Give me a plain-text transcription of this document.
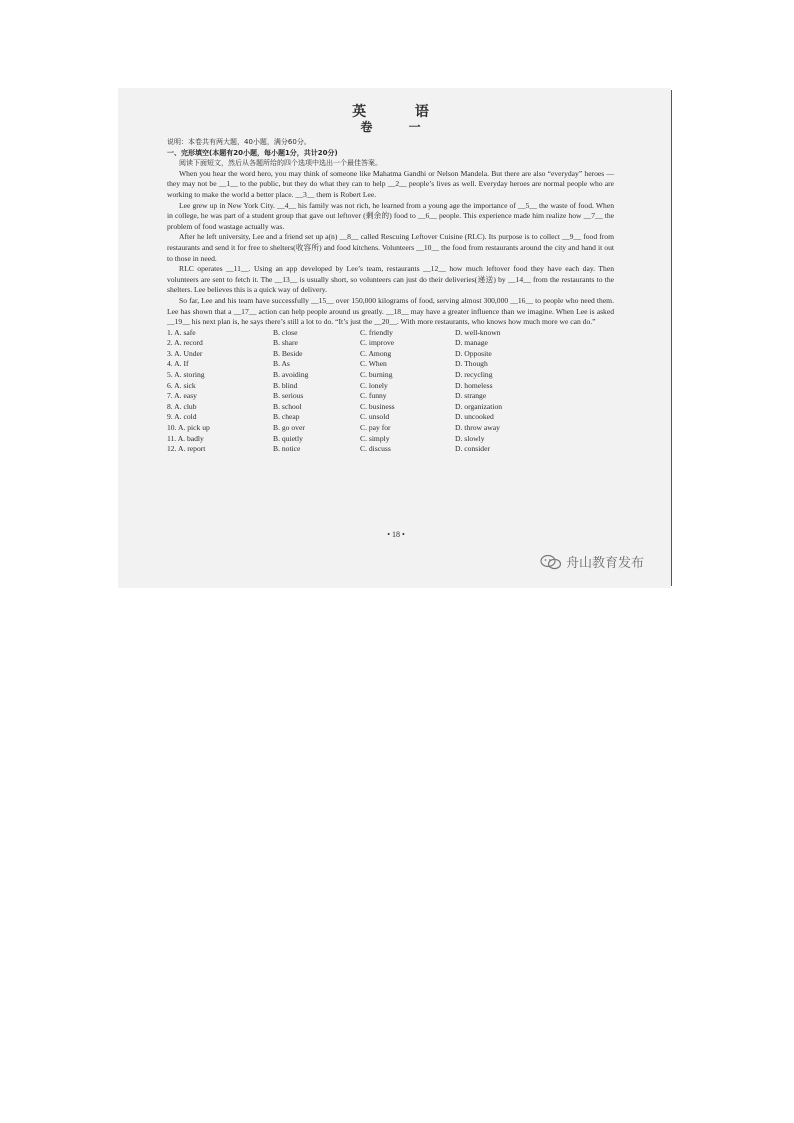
英 语
卷 一
说明：本卷共有两大题，40小题，满分60分。
一、完形填空(本题有20小题，每小题1分，共计20分)
阅读下面短文，然后从各题所给的四个选项中选出一个最佳答案。

When you hear the word hero, you may think of someone like Mahatma Gandhi or Nelson Mandela. But there are also “everyday” heroes — they may not be __1__ to the public, but they do what they can to help __2__ people’s lives as well. Everyday heroes are normal people who are working to make the world a better place. __3__ them is Robert Lee.

Lee grew up in New York City. __4__ his family was not rich, he learned from a young age the importance of __5__ the waste of food. When in college, he was part of a student group that gave out leftover (剩余的) food to __6__ people. This experience made him realize how __7__ the problem of food wastage actually was.

After he left university, Lee and a friend set up a(n) __8__ called Rescuing Leftover Cuisine (RLC). Its purpose is to collect __9__ food from restaurants and send it for free to shelters(收容所) and food kitchens. Volunteers __10__ the food from restaurants around the city and hand it out to those in need.

RLC operates __11__. Using an app developed by Lee’s team, restaurants __12__ how much leftover food they have each day. Then volunteers are sent to fetch it. The __13__ is usually short, so volunteers can just do their deliveries(递送) by __14__ from the restaurants to the shelters. Lee believes this is a quick way of delivery.

So far, Lee and his team have successfully __15__ over 150,000 kilograms of food, serving almost 300,000 __16__ to people who need them. Lee has shown that a __17__ action can help people around us greatly. __18__ may have a greater influence than we imagine. When Lee is asked __19__ his next plan is, he says there’s still a lot to do. “It’s just the __20__. With more restaurants, who knows how much more we can do.”

1. A. safe	B. close	C. friendly	D. well-known
2. A. record	B. share	C. improve	D. manage
3. A. Under	B. Beside	C. Among	D. Opposite
4. A. If	B. As	C. When	D. Though
5. A. storing	B. avoiding	C. burning	D. recycling
6. A. sick	B. blind	C. lonely	D. homeless
7. A. easy	B. serious	C. funny	D. strange
8. A. club	B. school	C. business	D. organization
9. A. cold	B. cheap	C. unsold	D. uncooked
10. A. pick up	B. go over	C. pay for	D. throw away
11. A. badly	B. quietly	C. simply	D. slowly
12. A. report	B. notice	C. discuss	D. consider
• 18 •
舟山教育发布
